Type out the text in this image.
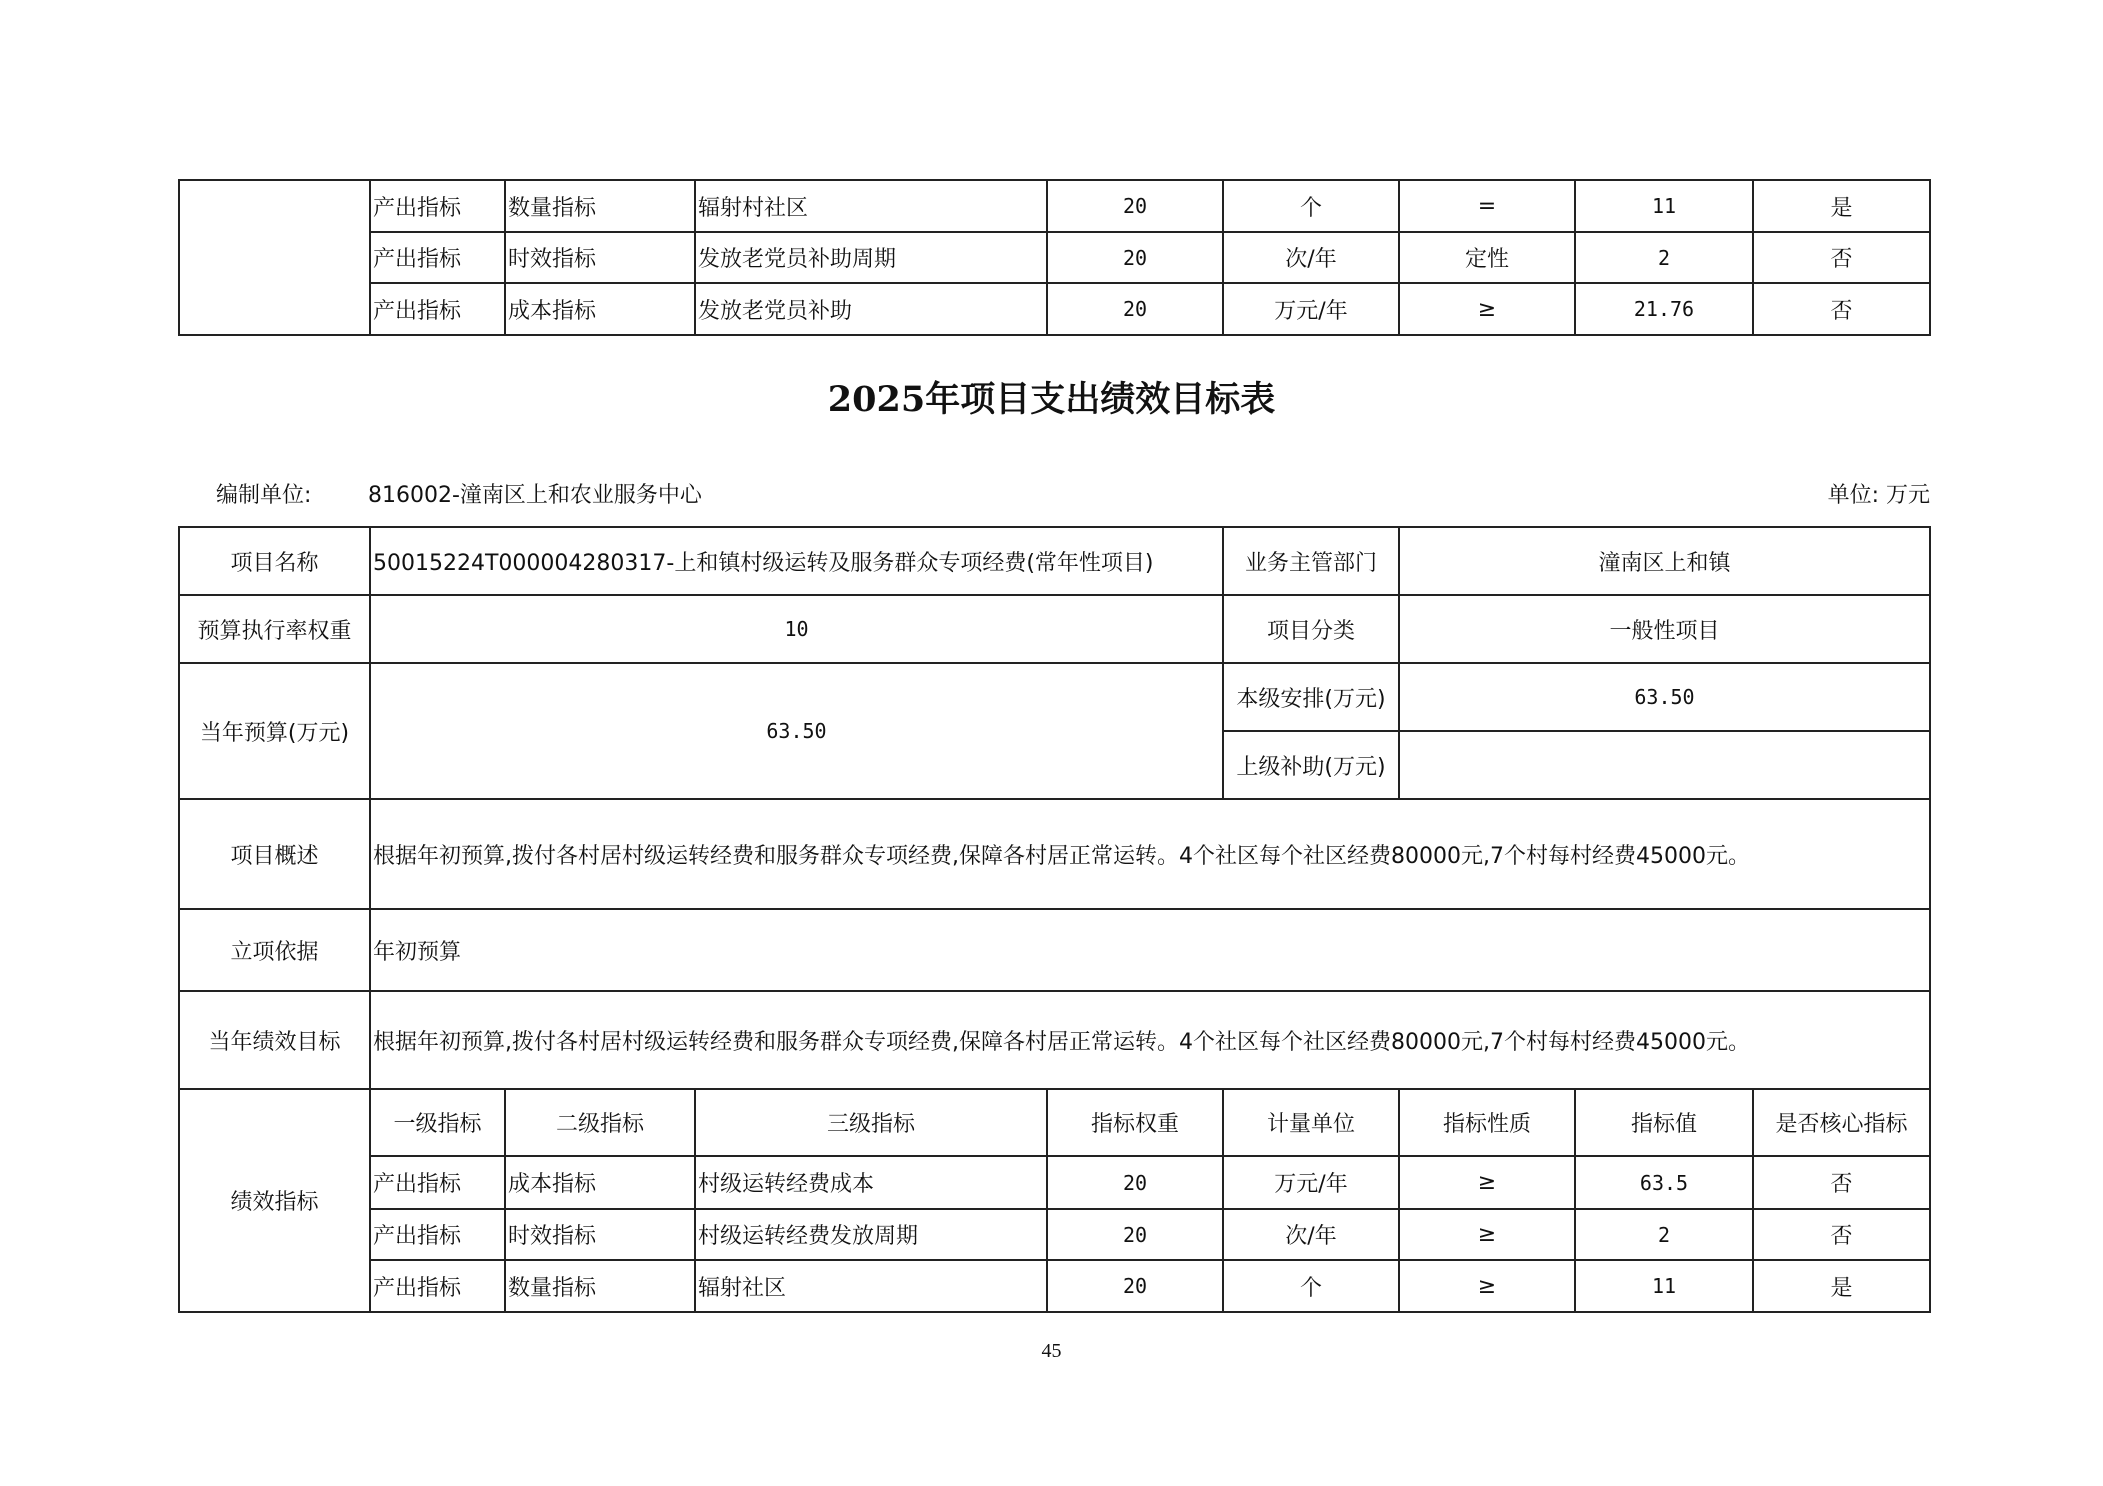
	产出指标	数量指标	辐射村社区	20	个	=	11	是
	产出指标	时效指标	发放老党员补助周期	20	次/年	定性	2	否
	产出指标	成本指标	发放老党员补助	20	万元/年	≥	21.76	否
2025年项目支出绩效目标表
编制单位:	816002-潼南区上和农业服务中心	单位: 万元
项目名称	50015224T000004280317-上和镇村级运转及服务群众专项经费(常年性项目)				业务主管部门	潼南区上和镇		
预算执行率权重	10				项目分类	一般性项目		
当年预算(万元)	63.50				本级安排(万元)	63.50		
					上级补助(万元)			
项目概述	根据年初预算,拨付各村居村级运转经费和服务群众专项经费,保障各村居正常运转。4个社区每个社区经费80000元,7个村每村经费45000元。							
立项依据	年初预算							
当年绩效目标	根据年初预算,拨付各村居村级运转经费和服务群众专项经费,保障各村居正常运转。4个社区每个社区经费80000元,7个村每村经费45000元。							
绩效指标	一级指标	二级指标	三级指标	指标权重	计量单位	指标性质	指标值	是否核心指标
	产出指标	成本指标	村级运转经费成本	20	万元/年	≥	63.5	否
	产出指标	时效指标	村级运转经费发放周期	20	次/年	≥	2	否
	产出指标	数量指标	辐射社区	20	个	≥	11	是
45
